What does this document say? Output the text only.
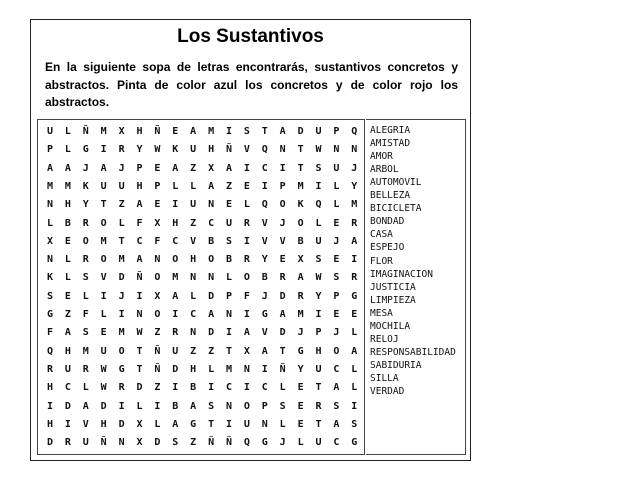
Los Sustantivos
En la siguiente sopa de letras encontrarás, sustantivos concretos y abstractos. Pinta de color azul los concretos y de color rojo los abstractos.
U	L	Ñ	M	X	H	Ñ	E	A	M	I	S	T	A	D	U	P	Q
P	L	G	I	R	Y	W	K	U	H	Ñ	V	Q	N	T	W	N	N
A	A	J	A	J	P	E	A	Z	X	A	I	C	I	T	S	U	J
M	M	K	U	U	H	P	L	L	A	Z	E	I	P	M	I	L	Y
N	H	Y	T	Z	A	E	I	U	N	E	L	Q	O	K	Q	L	M
L	B	R	O	L	F	X	H	Z	C	U	R	V	J	O	L	E	R
X	E	O	M	T	C	F	C	V	B	S	I	V	V	B	U	J	A
N	L	R	O	M	A	N	O	H	O	B	R	Y	E	X	S	E	I
K	L	S	V	D	Ñ	O	M	N	N	L	O	B	R	A	W	S	R
S	E	L	I	J	I	X	A	L	D	P	F	J	D	R	Y	P	G
G	Z	F	L	I	N	O	I	C	A	N	I	G	A	M	I	E	E
F	A	S	E	M	W	Z	R	N	D	I	A	V	D	J	P	J	L
Q	H	M	U	O	T	Ñ	U	Z	Z	T	X	A	T	G	H	O	A
R	U	R	W	G	T	Ñ	D	H	L	M	N	I	Ñ	Y	U	C	L
H	C	L	W	R	D	Z	I	B	I	C	I	C	L	E	T	A	L
I	D	A	D	I	L	I	B	A	S	N	O	P	S	E	R	S	I
H	I	V	H	D	X	L	A	G	T	I	U	N	L	E	T	A	S
D	R	U	Ñ	N	X	D	S	Z	Ñ	Ñ	Q	G	J	L	U	C	G
ALEGRIA
AMISTAD
AMOR
ARBOL
AUTOMOVIL
BELLEZA
BICICLETA
BONDAD
CASA
ESPEJO
FLOR
IMAGINACION
JUSTICIA
LIMPIEZA
MESA
MOCHILA
RELOJ
RESPONSABILIDAD
SABIDURIA
SILLA
VERDAD
